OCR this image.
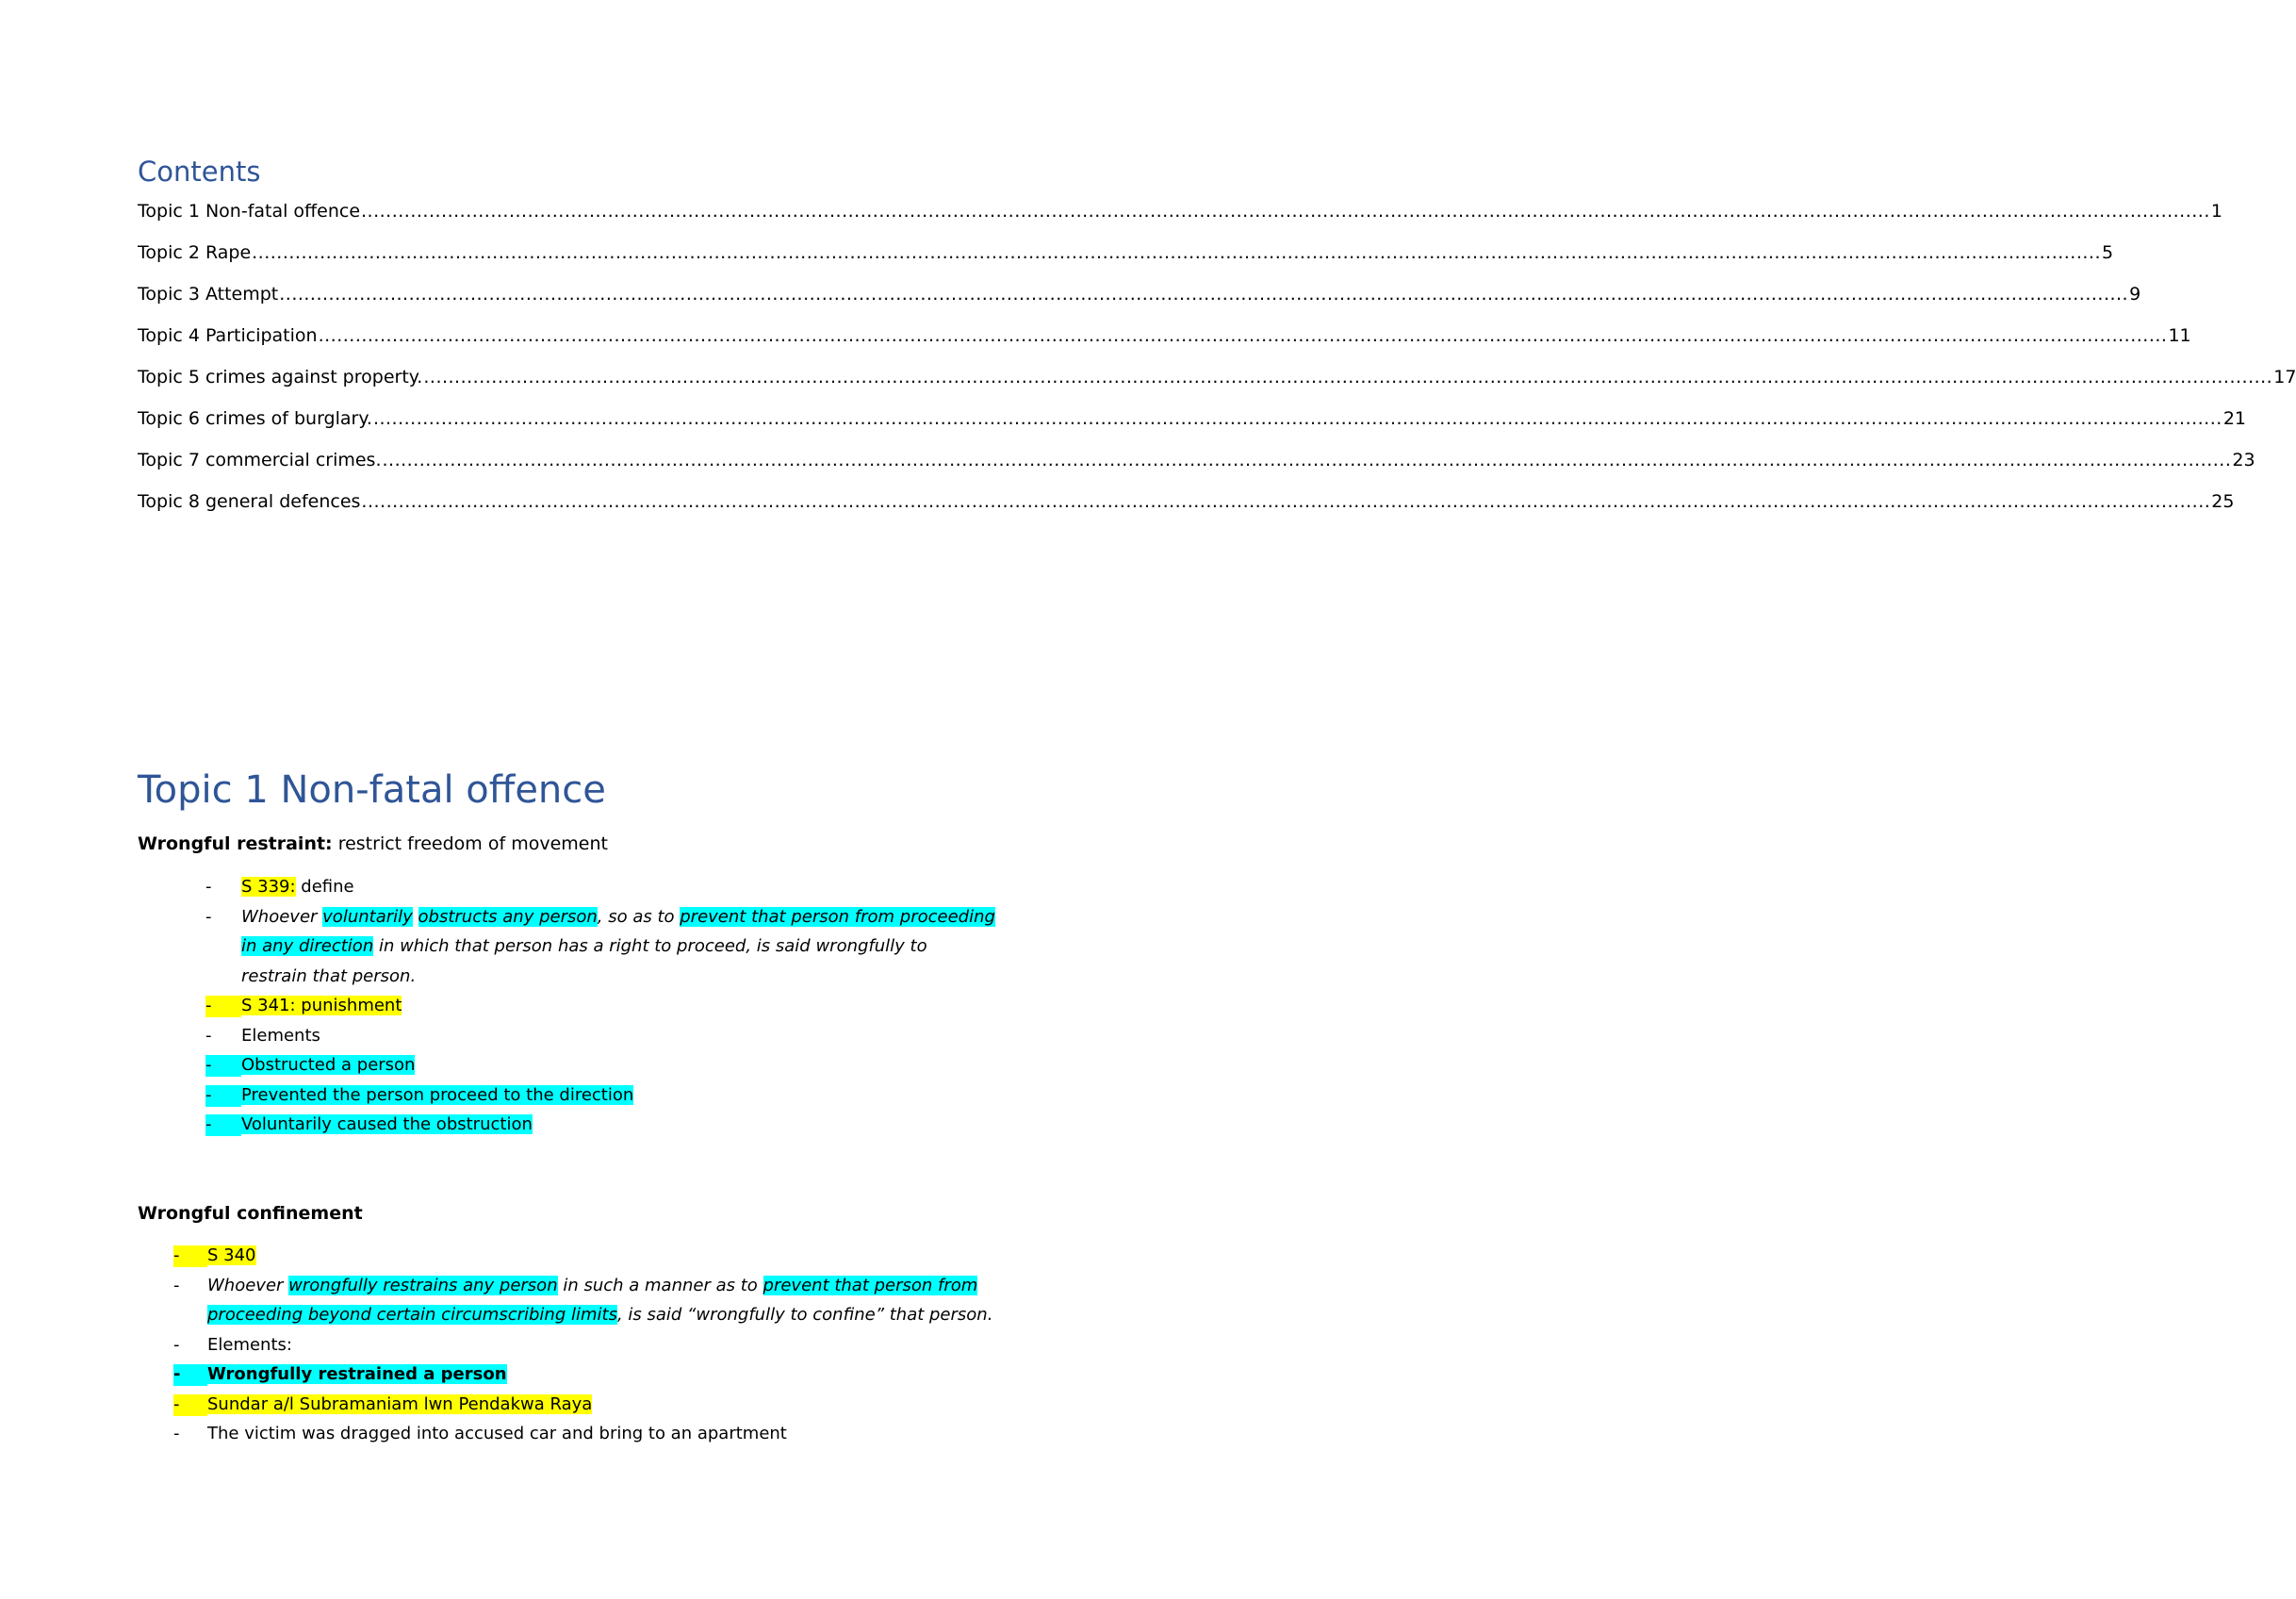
Contents
Topic 1 Non-fatal offence ............................................................................................................................................................................................................................................................................................................ 1
Topic 2 Rape ............................................................................................................................................................................................................................................................................................................ 5
Topic 3 Attempt ............................................................................................................................................................................................................................................................................................................ 9
Topic 4 Participation ............................................................................................................................................................................................................................................................................................................ 11
Topic 5 crimes against property. ............................................................................................................................................................................................................................................................................................................ 17
Topic 6 crimes of burglary. ............................................................................................................................................................................................................................................................................................................ 21
Topic 7 commercial crimes. ............................................................................................................................................................................................................................................................................................................ 23
Topic 8 general defences ............................................................................................................................................................................................................................................................................................................ 25
Topic 1 Non-fatal offence

Wrongful restraint: restrict freedom of movement

- S 339: define
- Whoever voluntarily obstructs any person, so as to prevent that person from proceeding in any direction in which that person has a right to proceed, is said wrongfully to restrain that person.
- S 341: punishment
- Elements
- Obstructed a person
- Prevented the person proceed to the direction
- Voluntarily caused the obstruction

Wrongful confinement

- S 340
- Whoever wrongfully restrains any person in such a manner as to prevent that person from proceeding beyond certain circumscribing limits, is said “wrongfully to confine” that person.
- Elements:
- Wrongfully restrained a person
- Sundar a/l Subramaniam lwn Pendakwa Raya
- The victim was dragged into accused car and bring to an apartment
